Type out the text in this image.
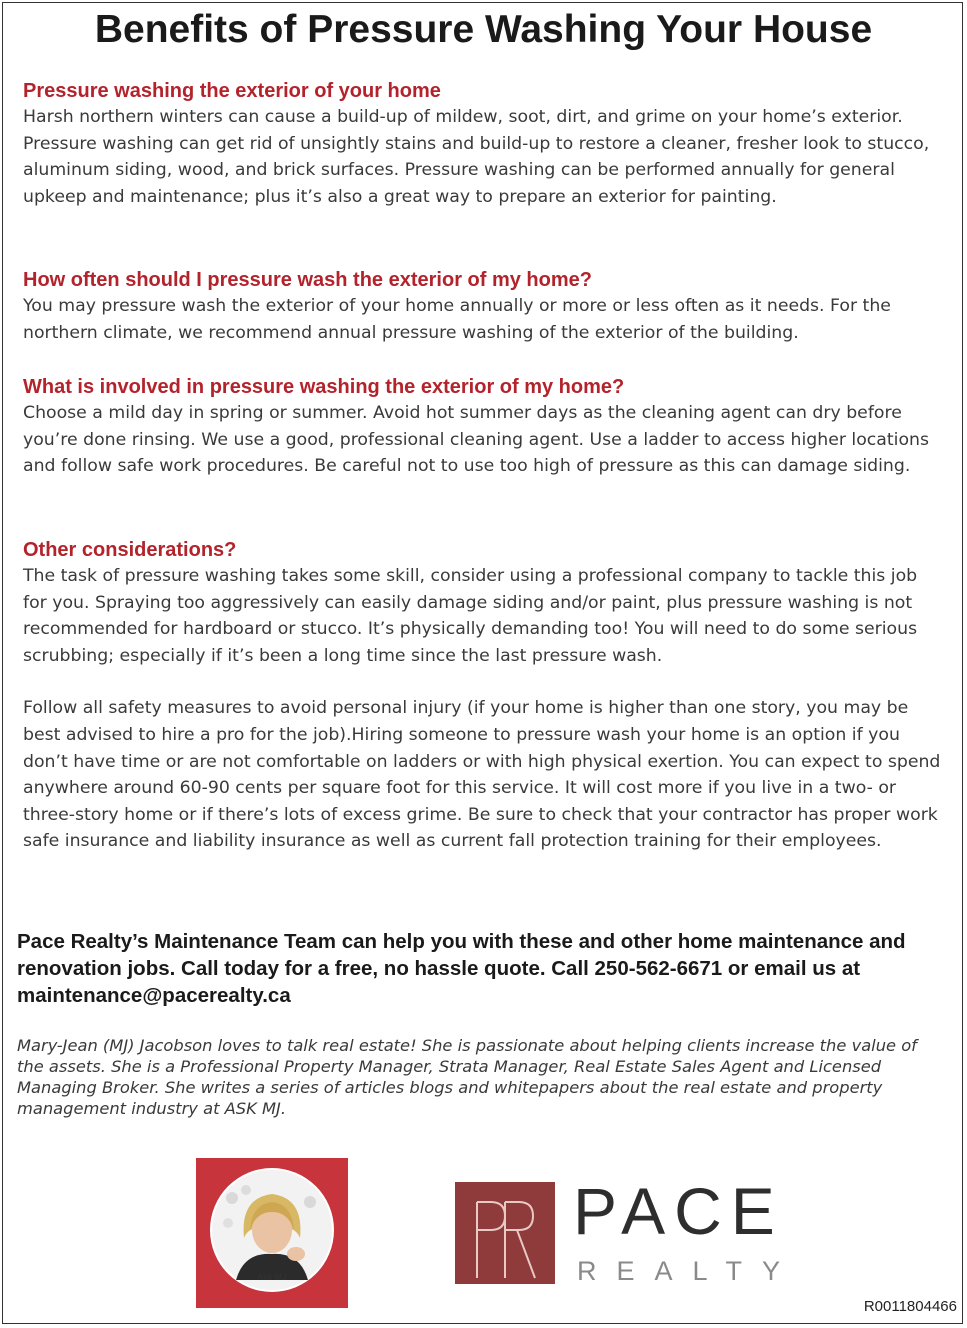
Benefits of Pressure Washing Your House

Pressure washing the exterior of your home

Harsh northern winters can cause a build-up of mildew, soot, dirt, and grime on your home’s exterior. Pressure washing can get rid of unsightly stains and build-up to restore a cleaner, fresher look to stucco, aluminum siding, wood, and brick surfaces. Pressure washing can be performed annually for general upkeep and maintenance; plus it’s also a great way to prepare an exterior for painting.

How often should I pressure wash the exterior of my home?

You may pressure wash the exterior of your home annually or more or less often as it needs. For the northern climate, we recommend annual pressure washing of the exterior of the building.

What is involved in pressure washing the exterior of my home?

Choose a mild day in spring or summer. Avoid hot summer days as the cleaning agent can dry before you’re done rinsing. We use a good, professional cleaning agent. Use a ladder to access higher locations and follow safe work procedures. Be careful not to use too high of pressure as this can damage siding.

Other considerations?

The task of pressure washing takes some skill, consider using a professional company to tackle this job for you. Spraying too aggressively can easily damage siding and/or paint, plus pressure washing is not recommended for hardboard or stucco. It’s physically demanding too! You will need to do some serious scrubbing; especially if it’s been a long time since the last pressure wash.

Follow all safety measures to avoid personal injury (if your home is higher than one story, you may be best advised to hire a pro for the job).Hiring someone to pressure wash your home is an option if you don’t have time or are not comfortable on ladders or with high physical exertion. You can expect to spend anywhere around 60-90 cents per square foot for this service. It will cost more if you live in a two- or three-story home or if there’s lots of excess grime. Be sure to check that your contractor has proper work safe insurance and liability insurance as well as current fall protection training for their employees.

Pace Realty’s Maintenance Team can help you with these and other home maintenance and renovation jobs. Call today for a free, no hassle quote. Call 250-562-6671 or email us at maintenance@pacerealty.ca

Mary-Jean (MJ) Jacobson loves to talk real estate! She is passionate about helping clients increase the value of the assets. She is a Professional Property Manager, Strata Manager, Real Estate Sales Agent and Licensed Managing Broker. She writes a series of articles blogs and whitepapers about the real estate and property management industry at ASK MJ.

Ask MJ
PACE
REALTY
R0011804466
